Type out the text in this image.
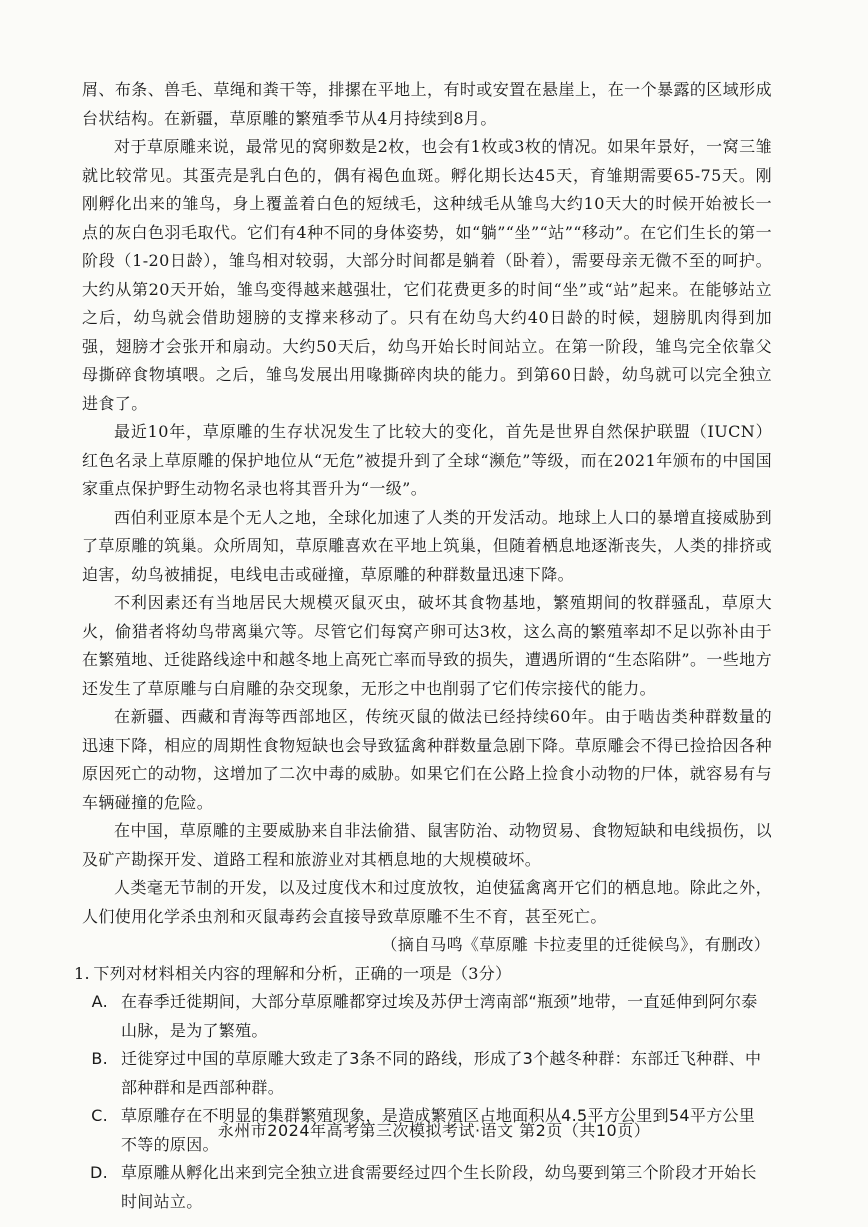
屑、布条、兽毛、草绳和粪干等，排摞在平地上，有时或安置在悬崖上，在一个暴露的区域形成台状结构。在新疆，草原雕的繁殖季节从4月持续到8月。

对于草原雕来说，最常见的窝卵数是2枚，也会有1枚或3枚的情况。如果年景好，一窝三雏就比较常见。其蛋壳是乳白色的，偶有褐色血斑。孵化期长达45天，育雏期需要65-75天。刚刚孵化出来的雏鸟，身上覆盖着白色的短绒毛，这种绒毛从雏鸟大约10天大的时候开始被长一点的灰白色羽毛取代。它们有4种不同的身体姿势，如“躺”“坐”“站”“移动”。在它们生长的第一阶段（1-20日龄），雏鸟相对较弱，大部分时间都是躺着（卧着），需要母亲无微不至的呵护。大约从第20天开始，雏鸟变得越来越强壮，它们花费更多的时间“坐”或“站”起来。在能够站立之后，幼鸟就会借助翅膀的支撑来移动了。只有在幼鸟大约40日龄的时候，翅膀肌肉得到加强，翅膀才会张开和扇动。大约50天后，幼鸟开始长时间站立。在第一阶段，雏鸟完全依靠父母撕碎食物填喂。之后，雏鸟发展出用喙撕碎肉块的能力。到第60日龄，幼鸟就可以完全独立进食了。

最近10年，草原雕的生存状况发生了比较大的变化，首先是世界自然保护联盟（IUCN）红色名录上草原雕的保护地位从“无危”被提升到了全球“濒危”等级，而在2021年颁布的中国国家重点保护野生动物名录也将其晋升为“一级”。

西伯利亚原本是个无人之地，全球化加速了人类的开发活动。地球上人口的暴增直接威胁到了草原雕的筑巢。众所周知，草原雕喜欢在平地上筑巢，但随着栖息地逐渐丧失，人类的排挤或迫害，幼鸟被捕捉，电线电击或碰撞，草原雕的种群数量迅速下降。

不利因素还有当地居民大规模灭鼠灭虫，破坏其食物基地，繁殖期间的牧群骚乱，草原大火，偷猎者将幼鸟带离巢穴等。尽管它们每窝产卵可达3枚，这么高的繁殖率却不足以弥补由于在繁殖地、迁徙路线途中和越冬地上高死亡率而导致的损失，遭遇所谓的“生态陷阱”。一些地方还发生了草原雕与白肩雕的杂交现象，无形之中也削弱了它们传宗接代的能力。

在新疆、西藏和青海等西部地区，传统灭鼠的做法已经持续60年。由于啮齿类种群数量的迅速下降，相应的周期性食物短缺也会导致猛禽种群数量急剧下降。草原雕会不得已捡拾因各种原因死亡的动物，这增加了二次中毒的威胁。如果它们在公路上捡食小动物的尸体，就容易有与车辆碰撞的危险。

在中国，草原雕的主要威胁来自非法偷猎、鼠害防治、动物贸易、食物短缺和电线损伤，以及矿产勘探开发、道路工程和旅游业对其栖息地的大规模破坏。

人类毫无节制的开发，以及过度伐木和过度放牧，迫使猛禽离开它们的栖息地。除此之外，人们使用化学杀虫剂和灭鼠毒药会直接导致草原雕不生不育，甚至死亡。

（摘自马鸣《草原雕 卡拉麦里的迁徙候鸟》，有删改）

1. 下列对材料相关内容的理解和分析，正确的一项是（3分）

A. 在春季迁徙期间，大部分草原雕都穿过埃及苏伊士湾南部“瓶颈”地带，一直延伸到阿尔泰山脉，是为了繁殖。
B. 迁徙穿过中国的草原雕大致走了3条不同的路线，形成了3个越冬种群：东部迁飞种群、中部种群和是西部种群。
C. 草原雕存在不明显的集群繁殖现象，是造成繁殖区占地面积从4.5平方公里到54平方公里不等的原因。
D. 草原雕从孵化出来到完全独立进食需要经过四个生长阶段，幼鸟要到第三个阶段才开始长时间站立。
永州市2024年高考第三次模拟考试·语文 第2页（共10页）
